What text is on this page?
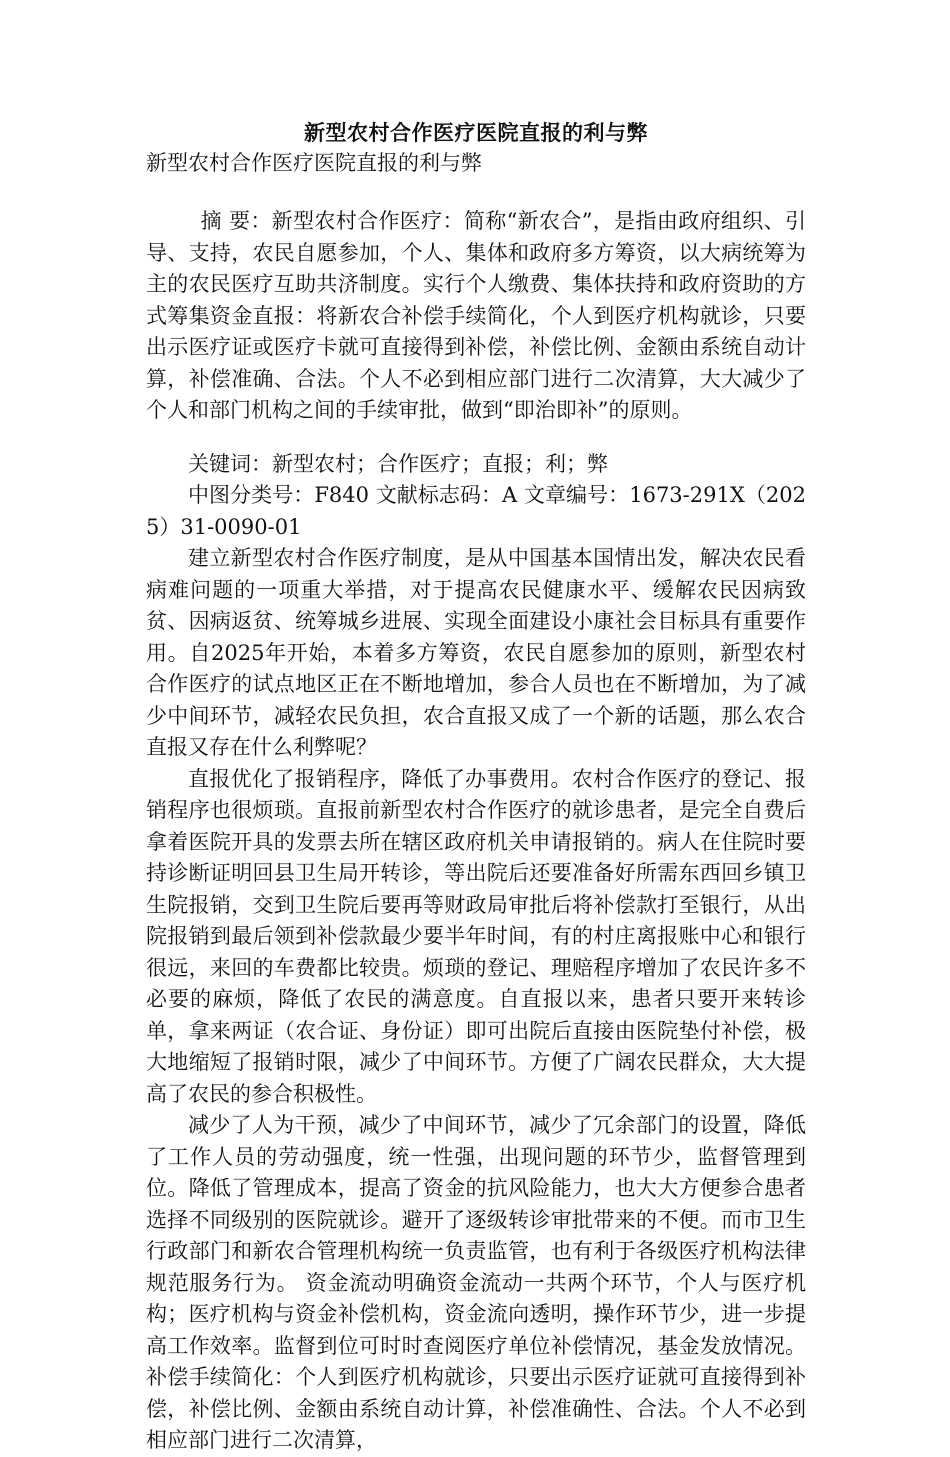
新型农村合作医疗医院直报的利与弊
新型农村合作医疗医院直报的利与弊

摘 要：新型农村合作医疗：简称“新农合”，是指由政府组织、引导、支持，农民自愿参加，个人、集体和政府多方筹资，以大病统筹为主的农民医疗互助共济制度。实行个人缴费、集体扶持和政府资助的方式筹集资金直报：将新农合补偿手续简化，个人到医疗机构就诊，只要出示医疗证或医疗卡就可直接得到补偿，补偿比例、金额由系统自动计算，补偿准确、合法。个人不必到相应部门进行二次清算，大大减少了个人和部门机构之间的手续审批，做到“即治即补”的原则。

关键词：新型农村；合作医疗；直报；利；弊

中图分类号：F840 文献标志码：A 文章编号：1673-291X（2025）31-0090-01

建立新型农村合作医疗制度，是从中国基本国情出发，解决农民看病难问题的一项重大举措，对于提高农民健康水平、缓解农民因病致贫、因病返贫、统筹城乡进展、实现全面建设小康社会目标具有重要作用。自2025年开始，本着多方筹资，农民自愿参加的原则，新型农村合作医疗的试点地区正在不断地增加，参合人员也在不断增加，为了减少中间环节，减轻农民负担，农合直报又成了一个新的话题，那么农合直报又存在什么利弊呢？

直报优化了报销程序，降低了办事费用。农村合作医疗的登记、报销程序也很烦琐。直报前新型农村合作医疗的就诊患者，是完全自费后拿着医院开具的发票去所在辖区政府机关申请报销的。病人在住院时要持诊断证明回县卫生局开转诊，等出院后还要准备好所需东西回乡镇卫生院报销，交到卫生院后要再等财政局审批后将补偿款打至银行，从出院报销到最后领到补偿款最少要半年时间，有的村庄离报账中心和银行很远，来回的车费都比较贵。烦琐的登记、理赔程序增加了农民许多不必要的麻烦，降低了农民的满意度。自直报以来，患者只要开来转诊单，拿来两证（农合证、身份证）即可出院后直接由医院垫付补偿，极大地缩短了报销时限，减少了中间环节。方便了广阔农民群众，大大提高了农民的参合积极性。

减少了人为干预，减少了中间环节，减少了冗余部门的设置，降低了工作人员的劳动强度，统一性强，出现问题的环节少，监督管理到位。降低了管理成本，提高了资金的抗风险能力，也大大方便参合患者选择不同级别的医院就诊。避开了逐级转诊审批带来的不便。而市卫生行政部门和新农合管理机构统一负责监管，也有利于各级医疗机构法律规范服务行为。 资金流动明确资金流动一共两个环节，个人与医疗机构；医疗机构与资金补偿机构，资金流向透明，操作环节少，进一步提高工作效率。监督到位可时时查阅医疗单位补偿情况，基金发放情况。补偿手续简化：个人到医疗机构就诊，只要出示医疗证就可直接得到补偿，补偿比例、金额由系统自动计算，补偿准确性、合法。个人不必到相应部门进行二次清算，
